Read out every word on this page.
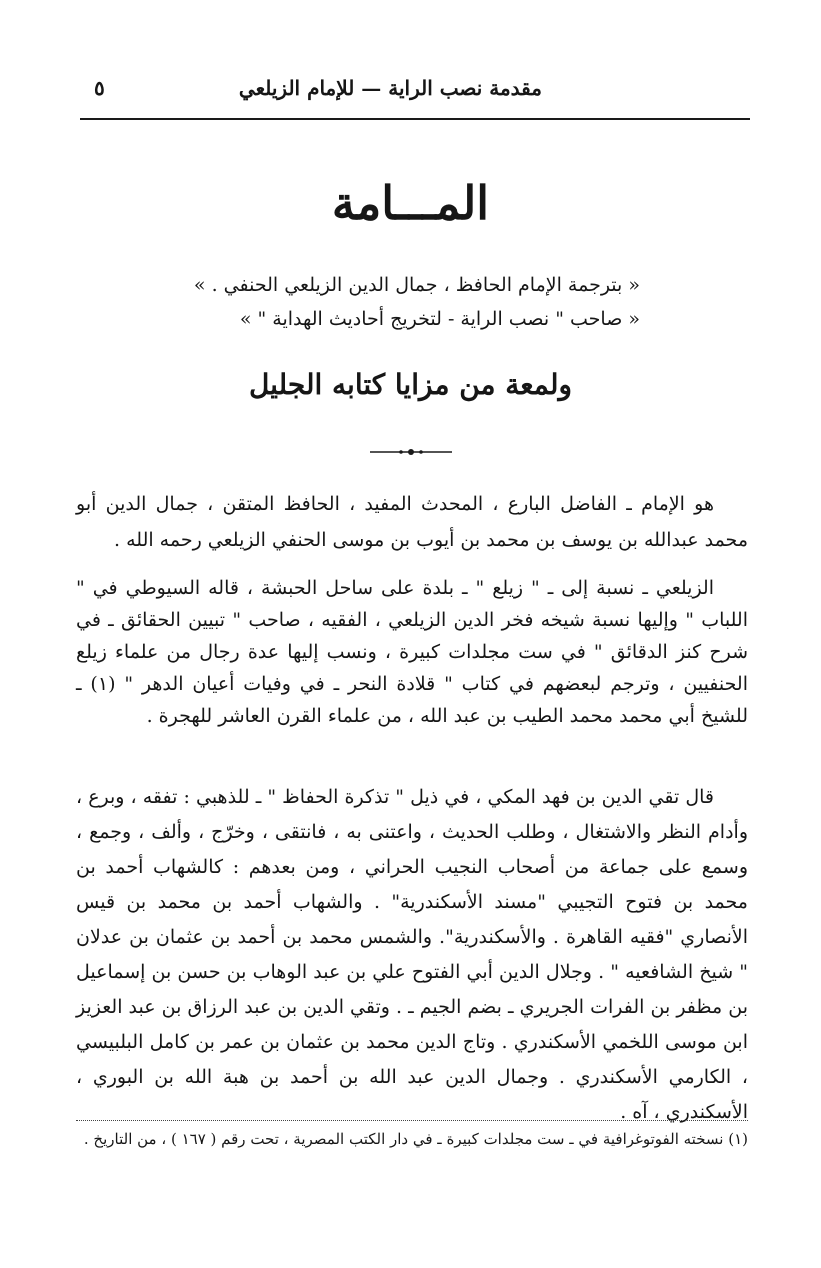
مقدمة نصب الراية — للإمام الزيلعي
٥
المـــامة
« بترجمة الإمام الحافظ ، جمال الدين الزيلعي الحنفي . »
« صاحب " نصب الراية - لتخريج أحاديث الهداية " »
ولمعة من مزايا كتابه الجليل

هو الإمام ـ الفاضل البارع ، المحدث المفيد ، الحافظ المتقن ، جمال الدين أبو محمد عبدالله بن يوسف بن محمد بن أيوب بن موسى الحنفي الزيلعي رحمه الله .

الزيلعي ـ نسبة إلى ـ " زيلع " ـ بلدة على ساحل الحبشة ، قاله السيوطي في " اللباب " وإليها نسبة شيخه فخر الدين الزيلعي ، الفقيه ، صاحب " تبيين الحقائق ـ في شرح كنز الدقائق " في ست مجلدات كبيرة ، ونسب إليها عدة رجال من علماء زيلع الحنفيين ، وترجم لبعضهم في كتاب " قلادة النحر ـ في وفيات أعيان الدهر " (١) ـ للشيخ أبي محمد محمد الطيب بن عبد الله ، من علماء القرن العاشر للهجرة .

قال تقي الدين بن فهد المكي ، في ذيل " تذكرة الحفاظ " ـ للذهبي : تفقه ، وبرع ، وأدام النظر والاشتغال ، وطلب الحديث ، واعتنى به ، فانتقى ، وخرّج ، وألف ، وجمع ، وسمع على جماعة من أصحاب النجيب الحراني ، ومن بعدهم : كالشهاب أحمد بن محمد بن فتوح التجيبي "مسند الأسكندرية" . والشهاب أحمد بن محمد بن قيس الأنصاري "فقيه القاهرة . والأسكندرية". والشمس محمد بن أحمد بن عثمان بن عدلان " شيخ الشافعيه " . وجلال الدين أبي الفتوح علي بن عبد الوهاب بن حسن بن إسماعيل بن مظفر بن الفرات الجريري ـ بضم الجيم ـ . وتقي الدين بن عبد الرزاق بن عبد العزيز ابن موسى اللخمي الأسكندري . وتاج الدين محمد بن عثمان بن عمر بن كامل البلبيسي ، الكارمي الأسكندري . وجمال الدين عبد الله بن أحمد بن هبة الله بن البوري ، الأسكندري ، آه .

(١) نسخته الفوتوغرافية في ـ ست مجلدات كبيرة ـ في دار الكتب المصرية ، تحت رقم ( ١٦٧ ) ، من التاريخ .
